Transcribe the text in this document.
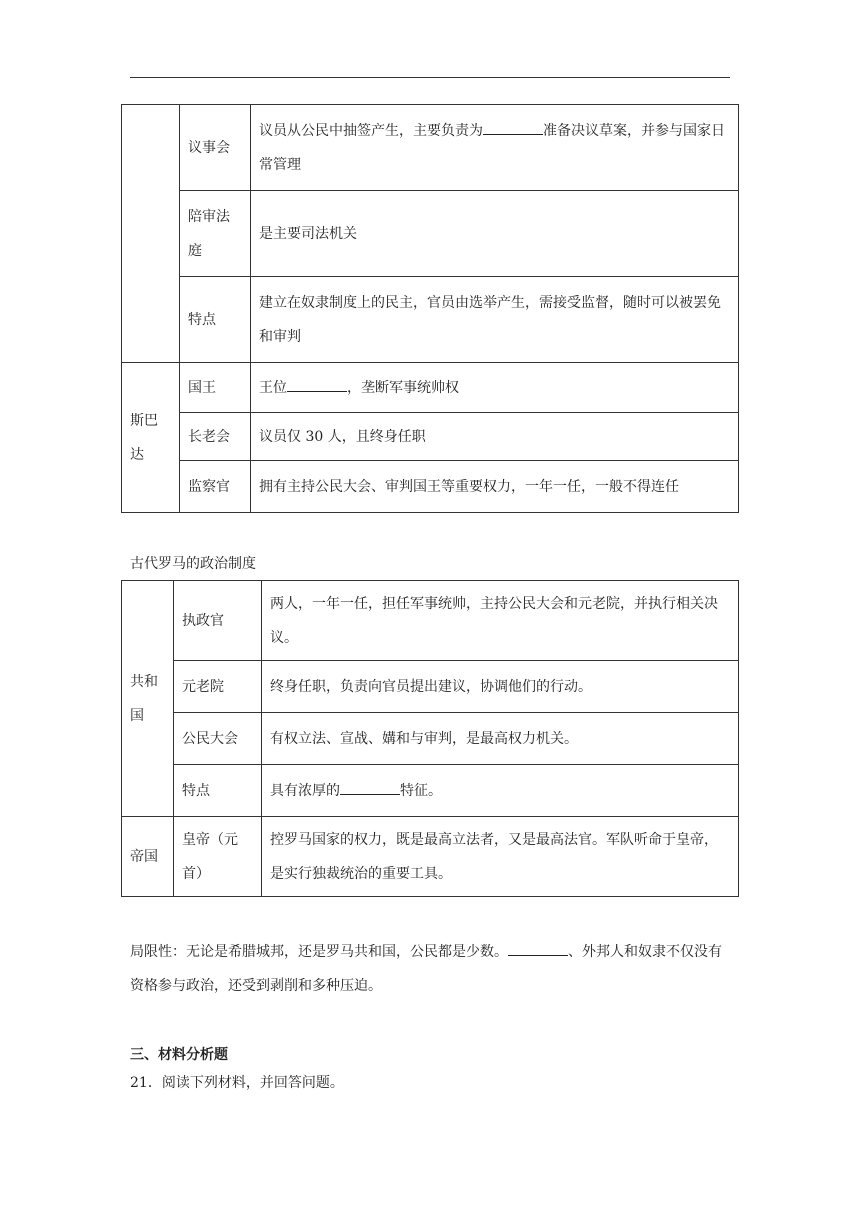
	议事会	议员从公民中抽签产生，主要负责为 准备决议草案，并参与国家日常管理
	陪审法庭	是主要司法机关
	特点	建立在奴隶制度上的民主，官员由选举产生，需接受监督，随时可以被罢免和审判
斯巴达	国王	王位 ，垄断军事统帅权
	长老会	议员仅 30 人，且终身任职
	监察官	拥有主持公民大会、审判国王等重要权力，一年一任，一般不得连任
古代罗马的政治制度
共和国	执政官	两人，一年一任，担任军事统帅，主持公民大会和元老院，并执行相关决议。
	元老院	终身任职，负责向官员提出建议，协调他们的行动。
	公民大会	有权立法、宣战、媾和与审判，是最高权力机关。
	特点	具有浓厚的 特征。
帝国	皇帝（元首）	控罗马国家的权力，既是最高立法者，又是最高法官。军队听命于皇帝，是实行独裁统治的重要工具。
局限性：无论是希腊城邦，还是罗马共和国，公民都是少数。	、外邦人和奴隶不仅没有资格参与政治，还受到剥削和多种压迫。
三、材料分析题
21．阅读下列材料，并回答问题。
